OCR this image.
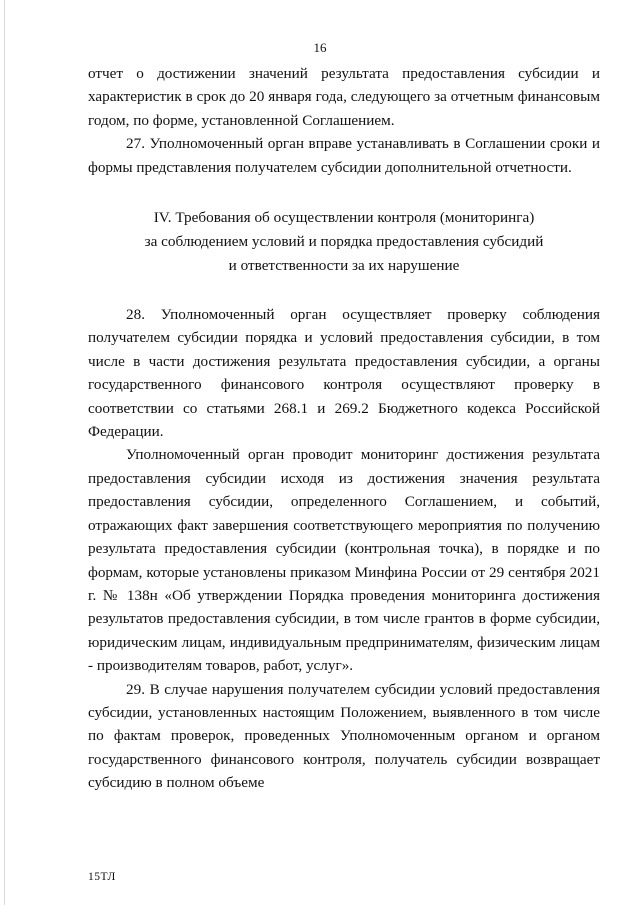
16

отчет о достижении значений результата предоставления субсидии и характеристик в срок до 20 января года, следующего за отчетным финансовым годом, по форме, установленной Соглашением.

27. Уполномоченный орган вправе устанавливать в Соглашении сроки и формы представления получателем субсидии дополнительной отчетности.

IV. Требования об осуществлении контроля (мониторинга)
за соблюдением условий и порядка предоставления субсидий
и ответственности за их нарушение

28. Уполномоченный орган осуществляет проверку соблюдения получателем субсидии порядка и условий предоставления субсидии, в том числе в части достижения результата предоставления субсидии, а органы государственного финансового контроля осуществляют проверку в соответствии со статьями 268.1 и 269.2 Бюджетного кодекса Российской Федерации.

Уполномоченный орган проводит мониторинг достижения результата предоставления субсидии исходя из достижения значения результата предоставления субсидии, определенного Соглашением, и событий, отражающих факт завершения соответствующего мероприятия по получению результата предоставления субсидии (контрольная точка), в порядке и по формам, которые установлены приказом Минфина России от 29 сентября 2021 г. № 138н «Об утверждении Порядка проведения мониторинга достижения результатов предоставления субсидии, в том числе грантов в форме субсидии, юридическим лицам, индивидуальным предпринимателям, физическим лицам - производителям товаров, работ, услуг».

29. В случае нарушения получателем субсидии условий предоставления субсидии, установленных настоящим Положением, выявленного в том числе по фактам проверок, проведенных Уполномоченным органом и органом государственного финансового контроля, получатель субсидии возвращает субсидию в полном объеме

15ТЛ
